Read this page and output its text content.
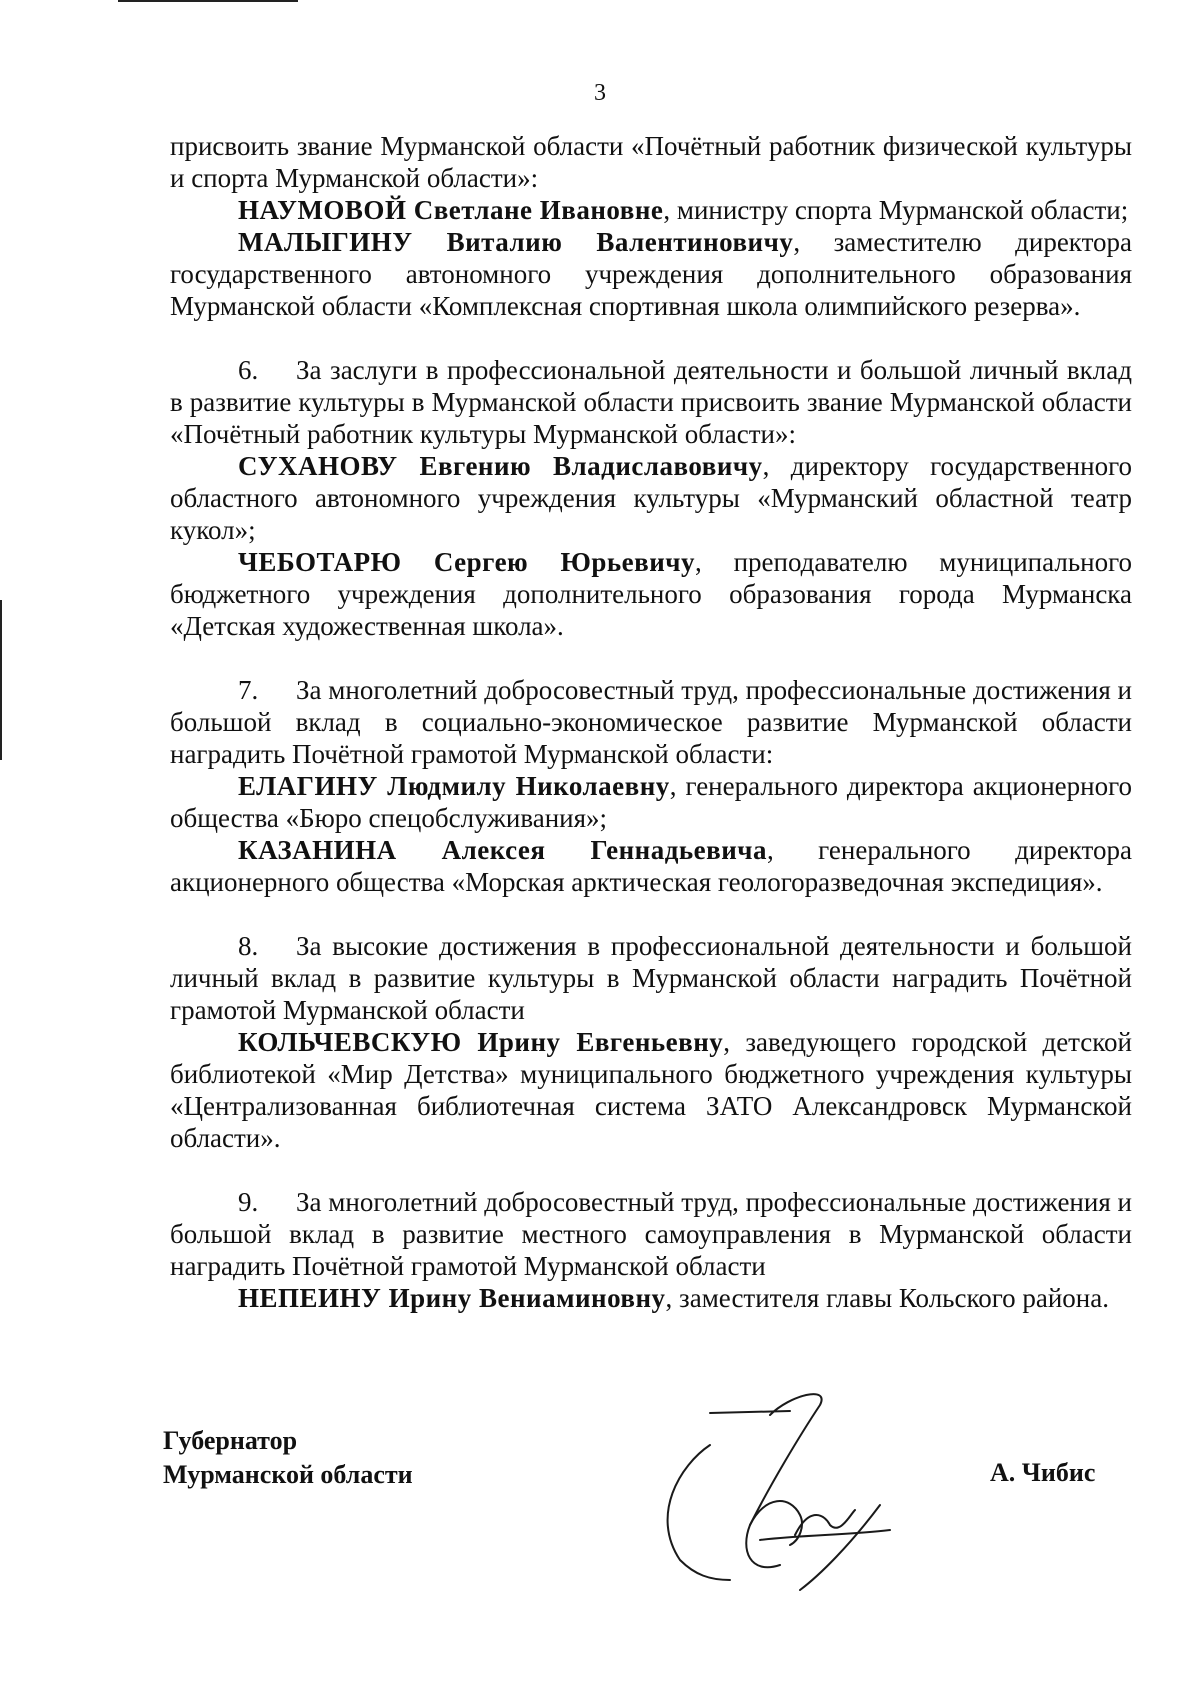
3

присвоить звание Мурманской области «Почётный работник физической культуры и спорта Мурманской области»:

НАУМОВОЙ Светлане Ивановне, министру спорта Мурманской области;

МАЛЫГИНУ Виталию Валентиновичу, заместителю директора государственного автономного учреждения дополнительного образования Мурманской области «Комплексная спортивная школа олимпийского резерва».

6. За заслуги в профессиональной деятельности и большой личный вклад в развитие культуры в Мурманской области присвоить звание Мурманской области «Почётный работник культуры Мурманской области»:

СУХАНОВУ Евгению Владиславовичу, директору государственного областного автономного учреждения культуры «Мурманский областной театр кукол»;

ЧЕБОТАРЮ Сергею Юрьевичу, преподавателю муниципального бюджетного учреждения дополнительного образования города Мурманска «Детская художественная школа».

7. За многолетний добросовестный труд, профессиональные достижения и большой вклад в социально-экономическое развитие Мурманской области наградить Почётной грамотой Мурманской области:

ЕЛАГИНУ Людмилу Николаевну, генерального директора акционерного общества «Бюро спецобслуживания»;

КАЗАНИНА Алексея Геннадьевича, генерального директора акционерного общества «Морская арктическая геологоразведочная экспедиция».

8. За высокие достижения в профессиональной деятельности и большой личный вклад в развитие культуры в Мурманской области наградить Почётной грамотой Мурманской области

КОЛЬЧЕВСКУЮ Ирину Евгеньевну, заведующего городской детской библиотекой «Мир Детства» муниципального бюджетного учреждения культуры «Централизованная библиотечная система ЗАТО Александровск Мурманской области».

9. За многолетний добросовестный труд, профессиональные достижения и большой вклад в развитие местного самоуправления в Мурманской области наградить Почётной грамотой Мурманской области

НЕПЕИНУ Ирину Вениаминовну, заместителя главы Кольского района.

Губернатор
Мурманской области	А. Чибис
